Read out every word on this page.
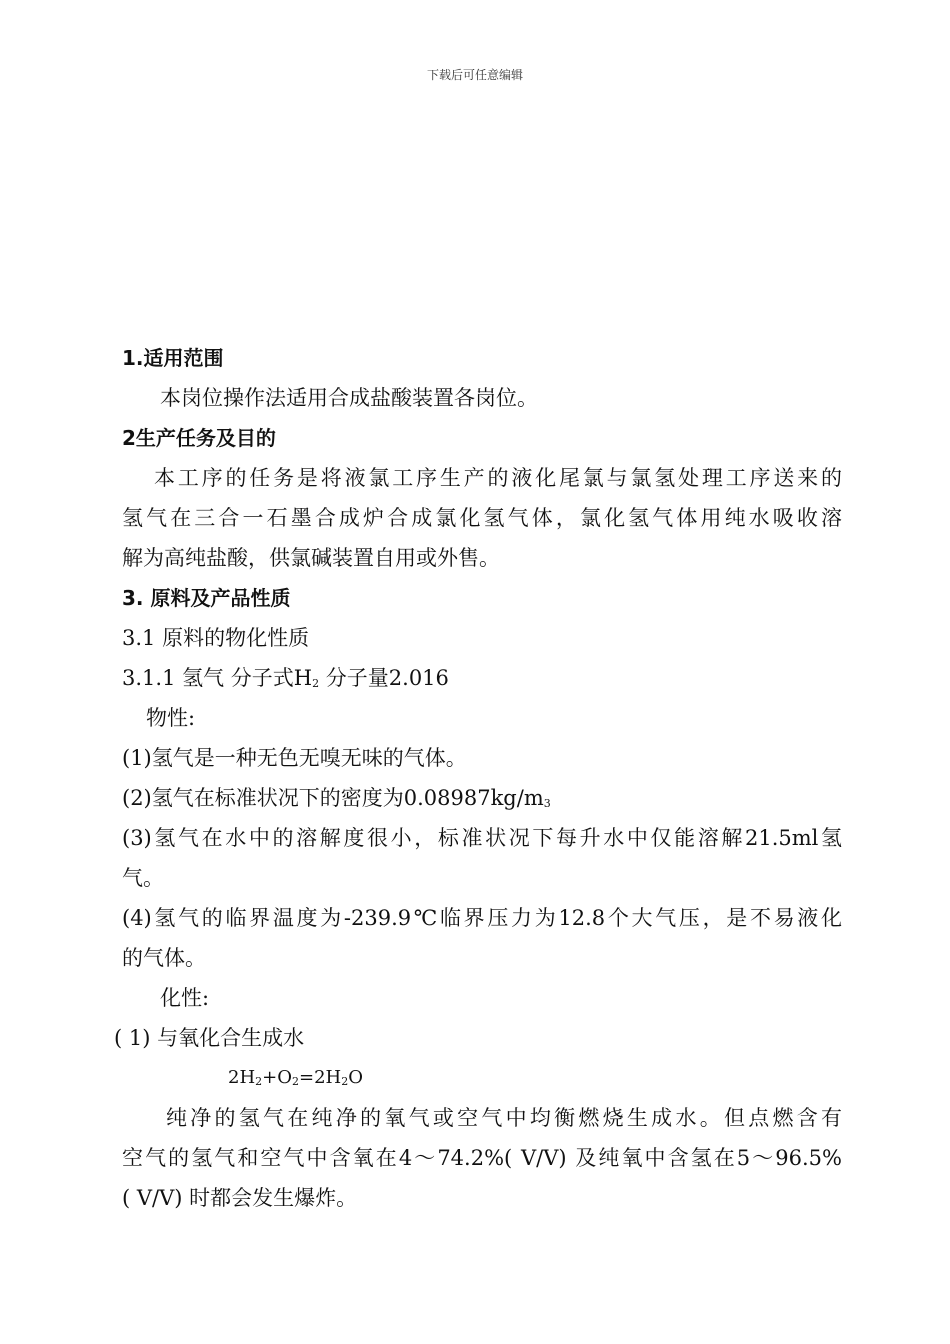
下载后可任意编辑
1.适用范围
本岗位操作法适用合成盐酸装置各岗位。
2生产任务及目的
本工序的任务是将液氯工序生产的液化尾氯与氯氢处理工序送来的
氢气在三合一石墨合成炉合成氯化氢气体，氯化氢气体用纯水吸收溶
解为高纯盐酸，供氯碱装置自用或外售。
3. 原料及产品性质
3.1 原料的物化性质
3.1.1 氢气 分子式$H_2$ 分子量2.016
物性:
(1)氢气是一种无色无嗅无味的气体。
(2)氢气在标准状况下的密度为$0.08987kg/m_3$
(3)氢气在水中的溶解度很小，标准状况下每升水中仅能溶解21.5ml氢
气。
(4)氢气的临界温度为-239.9℃临界压力为12.8个大气压，是不易液化
的气体。
化性:
( 1) 与氧化合生成水
$2H_2+O_2=2H_2O$
纯净的氢气在纯净的氧气或空气中均衡燃烧生成水。但点燃含有
空气的氢气和空气中含氧在4～74.2%( V/V) 及纯氧中含氢在5～96.5%
( V/V) 时都会发生爆炸。
